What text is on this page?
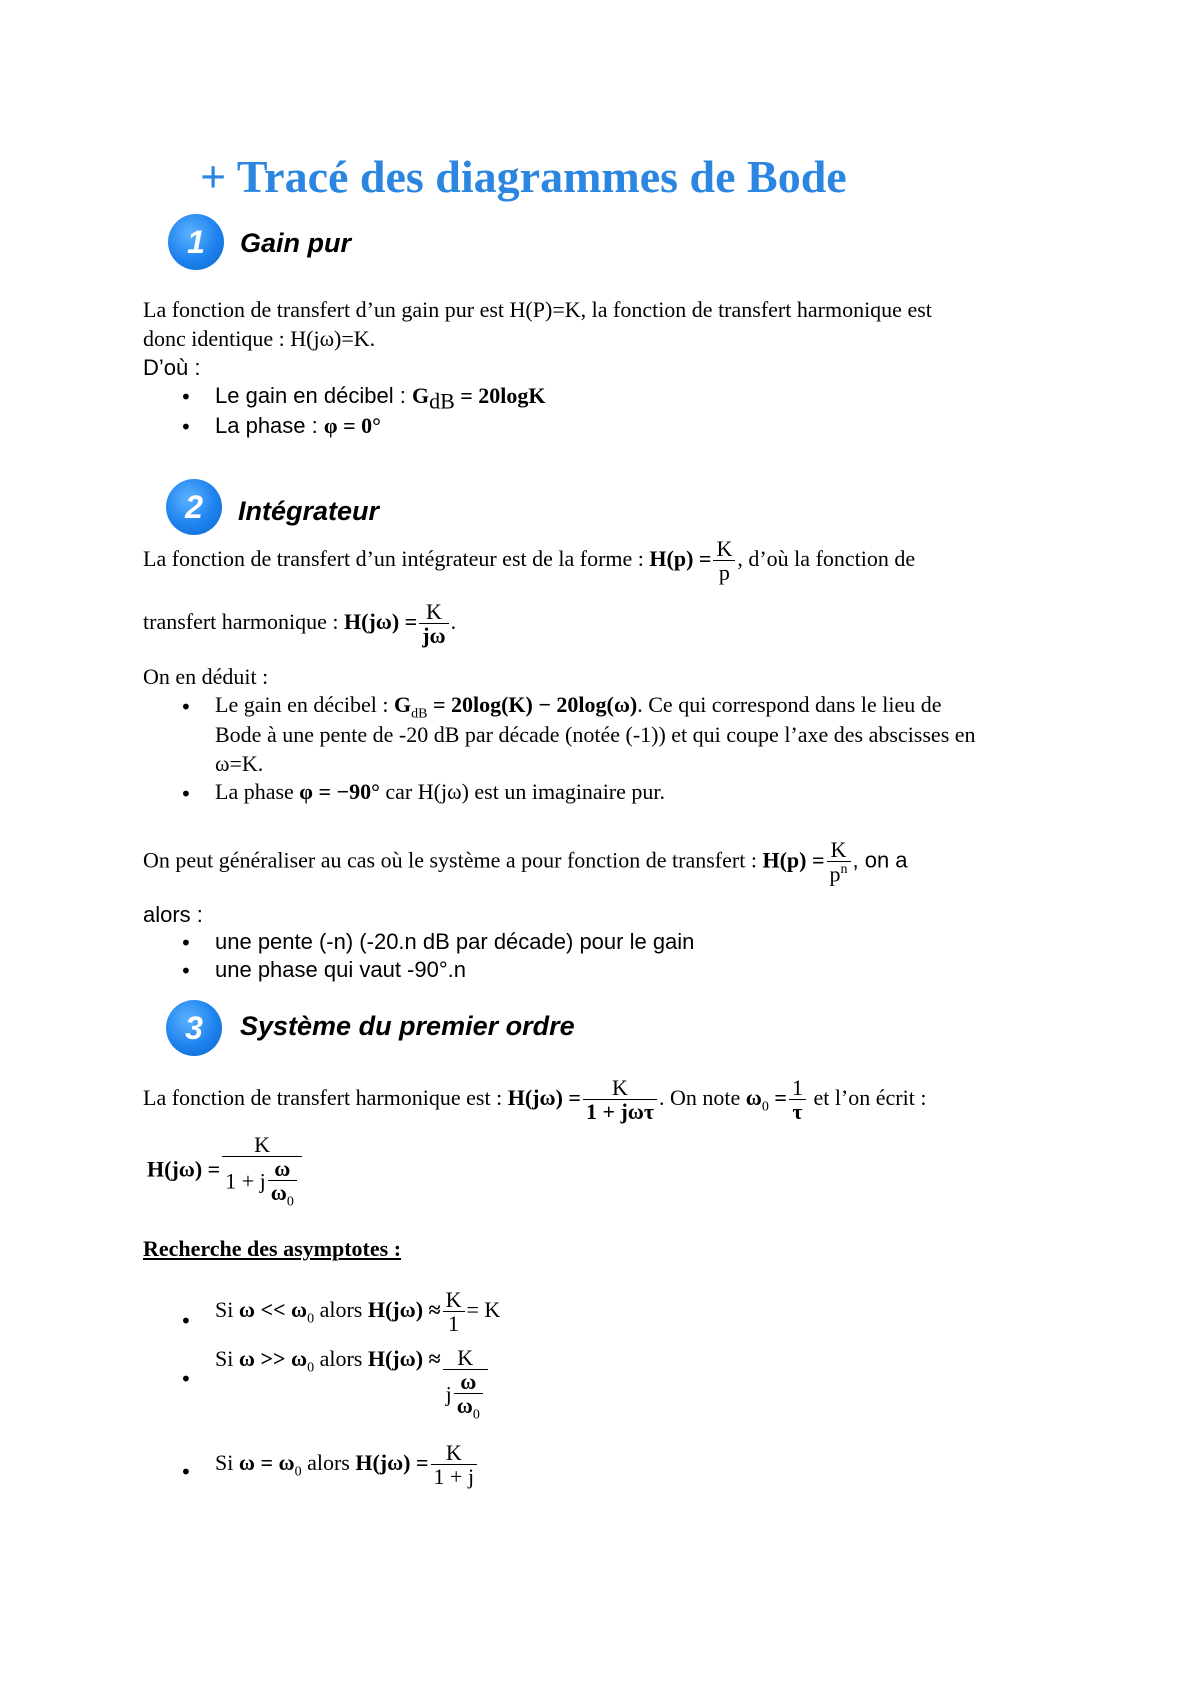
+ Tracé des diagrammes de Bode
1	Gain pur
La fonction de transfert d’un gain pur est H(P)=K, la fonction de transfert harmonique est
donc identique : H(jω)=K.
D’où :
• Le gain en décibel : $G_{dB} = 20\log K$
• La phase : φ = 0°
2	Intégrateur
La fonction de transfert d’un intégrateur est de la forme : $H(p) = \frac{K}{p}$ , d’où la fonction de
transfert harmonique : $H(j\omega) = \frac{K}{j\omega}$ .
On en déduit :
• Le gain en décibel : $G_{dB} = 20\log(K) - 20\log(\omega)$. Ce qui correspond dans le lieu de
Bode à une pente de -20 dB par décade (notée (-1)) et qui coupe l’axe des abscisses en
ω=K.
• La phase φ = −90° car H(jω) est un imaginaire pur.
On peut généraliser au cas où le système a pour fonction de transfert : $H(p) = \frac{K}{p^n}$ , on a
alors :
• une pente (-n) (-20.n dB par décade) pour le gain
• une phase qui vaut -90°.n
3	Système du premier ordre
La fonction de transfert harmonique est : $H(j\omega) = \frac{K}{\text{1 + jωτ}}$ . On note $\omega_0 = \frac{1}{\tau}$ et l’on écrit :
$H(j\omega) = \frac{K}{1 + j \frac{\omega}{\omega_0}}$
Recherche des asymptotes :
• Si $\omega << \omega_0$ alors $H(j\omega) \approx \frac{K}{1} = K$
•
Si $\omega >> \omega_0$ alors $H(j\omega) \approx \frac{K}{j \frac{\omega}{\omega_0}}$
• Si $\omega = \omega_0$ alors $H(j\omega) = \frac{K}{1 + j}$
